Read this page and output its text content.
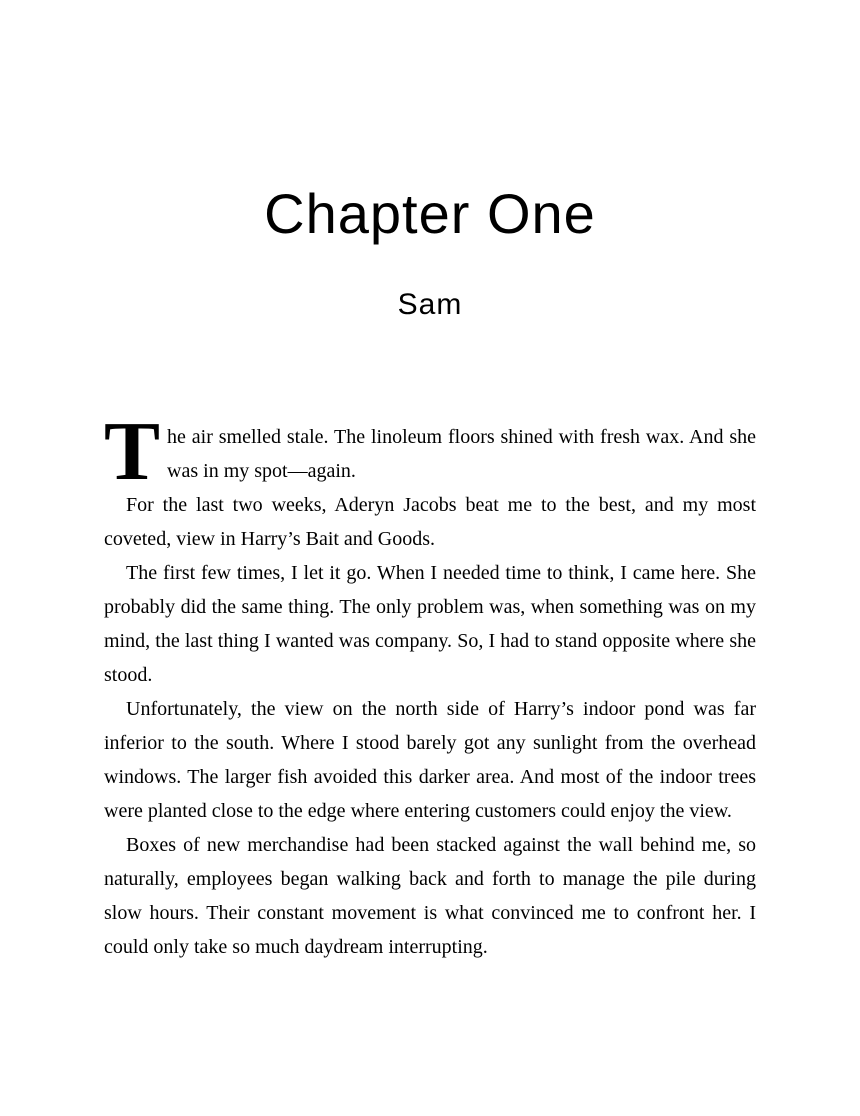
Chapter One
Sam

The air smelled stale. The linoleum floors shined with fresh wax. And she was in my spot—again.

For the last two weeks, Aderyn Jacobs beat me to the best, and my most coveted, view in Harry’s Bait and Goods.

The first few times, I let it go. When I needed time to think, I came here. She probably did the same thing. The only problem was, when something was on my mind, the last thing I wanted was company. So, I had to stand opposite where she stood.

Unfortunately, the view on the north side of Harry’s indoor pond was far inferior to the south. Where I stood barely got any sunlight from the overhead windows. The larger fish avoided this darker area. And most of the indoor trees were planted close to the edge where entering customers could enjoy the view.

Boxes of new merchandise had been stacked against the wall behind me, so naturally, employees began walking back and forth to manage the pile during slow hours. Their constant movement is what convinced me to confront her. I could only take so much daydream interrupting.
